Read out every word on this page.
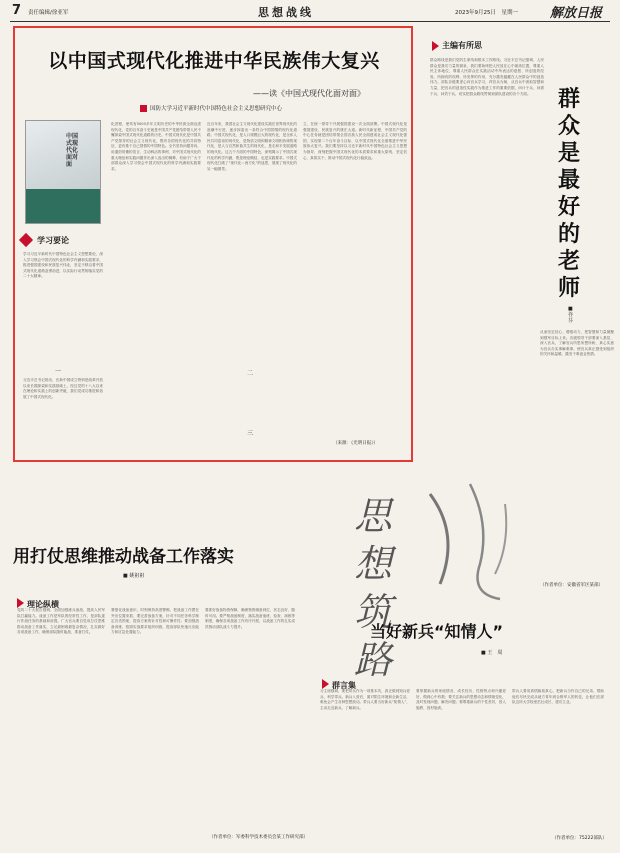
7 责任编辑/徐亚军	思想战线	2023年9月25日　星期一 解放日报
以中国式现代化推进中华民族伟大复兴
——读《中国式现代化面对面》
国防大学习近平新时代中国特色社会主义思想研究中心
中国式现代化面对面
学习要论
学习习近平新时代中国特色社会主义思想要论，深入学习领会中国式现代化的科学内涵和实践要求，推进强国建设和民族复兴伟业，坚定不移沿着中国式现代化道路奋勇前进，以实际行动贯彻落实党的二十大精神。
一
习近平总书记指出，在新中国成立特别是改革开放以来长期探索和实践基础上，经过党的十八大以来在理论和实践上的创新突破，我们党成功推进和拓展了中国式现代化。
化进程，使具有5000多年文明历史的中华民族全面迈进现代化，党的百年奋斗史就是中国共产党团结带领人民不懈探索中国式现代化道路的历史。中国式现代化是中国共产党领导的社会主义现代化，既有各国现代化的共同特征，更有基于自己国情的中国特色。全书坚持问题导向，用通俗易懂的语言、生动鲜活的事例，对中国式现代化的重大理论和实践问题作出深入浅出的阐释，有助于广大干部群众深入学习领会中国式现代化的科学内涵和实践要求。
二
近百年来，我国社会主义现代化建设实践在世界现代化的浪潮中行进，逐步探索出一条符合中国国情的现代化道路。中国式现代化，是人口规模巨大的现代化，是全体人民共同富裕的现代化，是物质文明和精神文明相协调的现代化，是人与自然和谐共生的现代化，是走和平发展道路的现代化。这五个方面的中国特色，深刻揭示了中国式现代化的科学内涵，既是理论概括，也是实践要求。中国式现代化打破了“现代化＝西方化”的迷思，展现了现代化的另一幅图景。
三
立，在统一领导下开展强国建设一次全面部署。中国式现代化是强国建设、民族复兴的康庄大道。新时代新征程，中国共产党的中心任务就是团结带领全国各族人民全面建成社会主义现代化强国、实现第二个百年奋斗目标，以中国式现代化全面推进中华民族伟大复兴。我们要坚持以习近平新时代中国特色社会主义思想为指导，深刻把握中国式现代化的本质要求和重大原则，坚定信心、真抓实干，推动中国式现代化行稳致远。
（来源：《光明日报》）
主编有所思
群众路线是我们党的生命线和根本工作路线。习近平总书记强调，人民群众是我们力量的源泉，我们要始终把人民放在心中最高位置，尊重人民主体地位，尊重人民群众在实践活动中所表达的意愿、所创造的经验、所拥有的权利、所发挥的作用，充分激发蕴藏在人民群众中的创造伟力。部队各级要虚心向官兵学习，拜官兵为师，从官兵中汲取智慧和力量，把官兵的创造性实践作为推进工作的重要依据，问计于兵、问需于兵、问效于兵，切实把群众路线贯彻到部队建设的各个方面。	群众是最好的老师
■ 谷　芬
从而坚定信心、增强动力，把智慧和力量凝聚到强军目标上来。各级领导干部要深入基层、深入官兵，了解官兵所思所想所盼，真心实意为官兵办实事解难事，使官兵真正感受到组织的关怀和温暖，激发干事创业热情。
（作者单位：安徽省军区某部）
用打仗思维推动战备工作落实
■ 姚祖祖
理论纵横
党的二十大报告强调，全面加强练兵备战，提高人民军队打赢能力。战备工作是军队的经常性工作，是部队遂行作战任务的基础和前提。广大官兵要自觉用打仗思维推动战备工作落实，立足最困难最复杂情况，扎实做好各项战备工作，确保部队随时能战、准备打仗。
要强化战备意识，时刻保持高度警惕，把战备工作摆在突出位置来抓；要完善战备方案，针对不同任务科学制定各类预案，提高方案的针对性和可操作性；要加强战备训练，按照实战要求组织训练，提高部队快速反应能力和应急处置能力。
要抓好战备物资保障，确保物资储备到位、状态良好、随时可用。要严格战备制度，落实战备值班、检查、演练等制度，确保各项战备工作有序开展，以战备工作的扎实成效推动部队战斗力提升。
（作者单位：军委科学技术委员会某工作研究部）
思想筑路
当好新兵“知情人”
■ 王　周
群言集
习主席强调，要把带兵作为一项基本功，真正做到知兵爱兵、科学带兵。新兵入营后，面对陌生环境和全新生活，难免会产生各种思想波动。带兵人要当好新兵“知情人”，主动走近新兵、了解新兵。
要掌握新兵的家庭情况、成长经历、性格特点和兴趣爱好，做到心中有数；要关注新兵的思想动态和情绪变化，及时发现问题、解决问题；要尊重新兵的个性差异，因人施教、因材施训。
带兵人要用真情换取真心，把新兵当作自己的兄弟，帮助他们尽快完成从地方青年到合格军人的转变，让他们在部队这所大学校里茁壮成长、建功立业。
（作者单位：75222部队）
